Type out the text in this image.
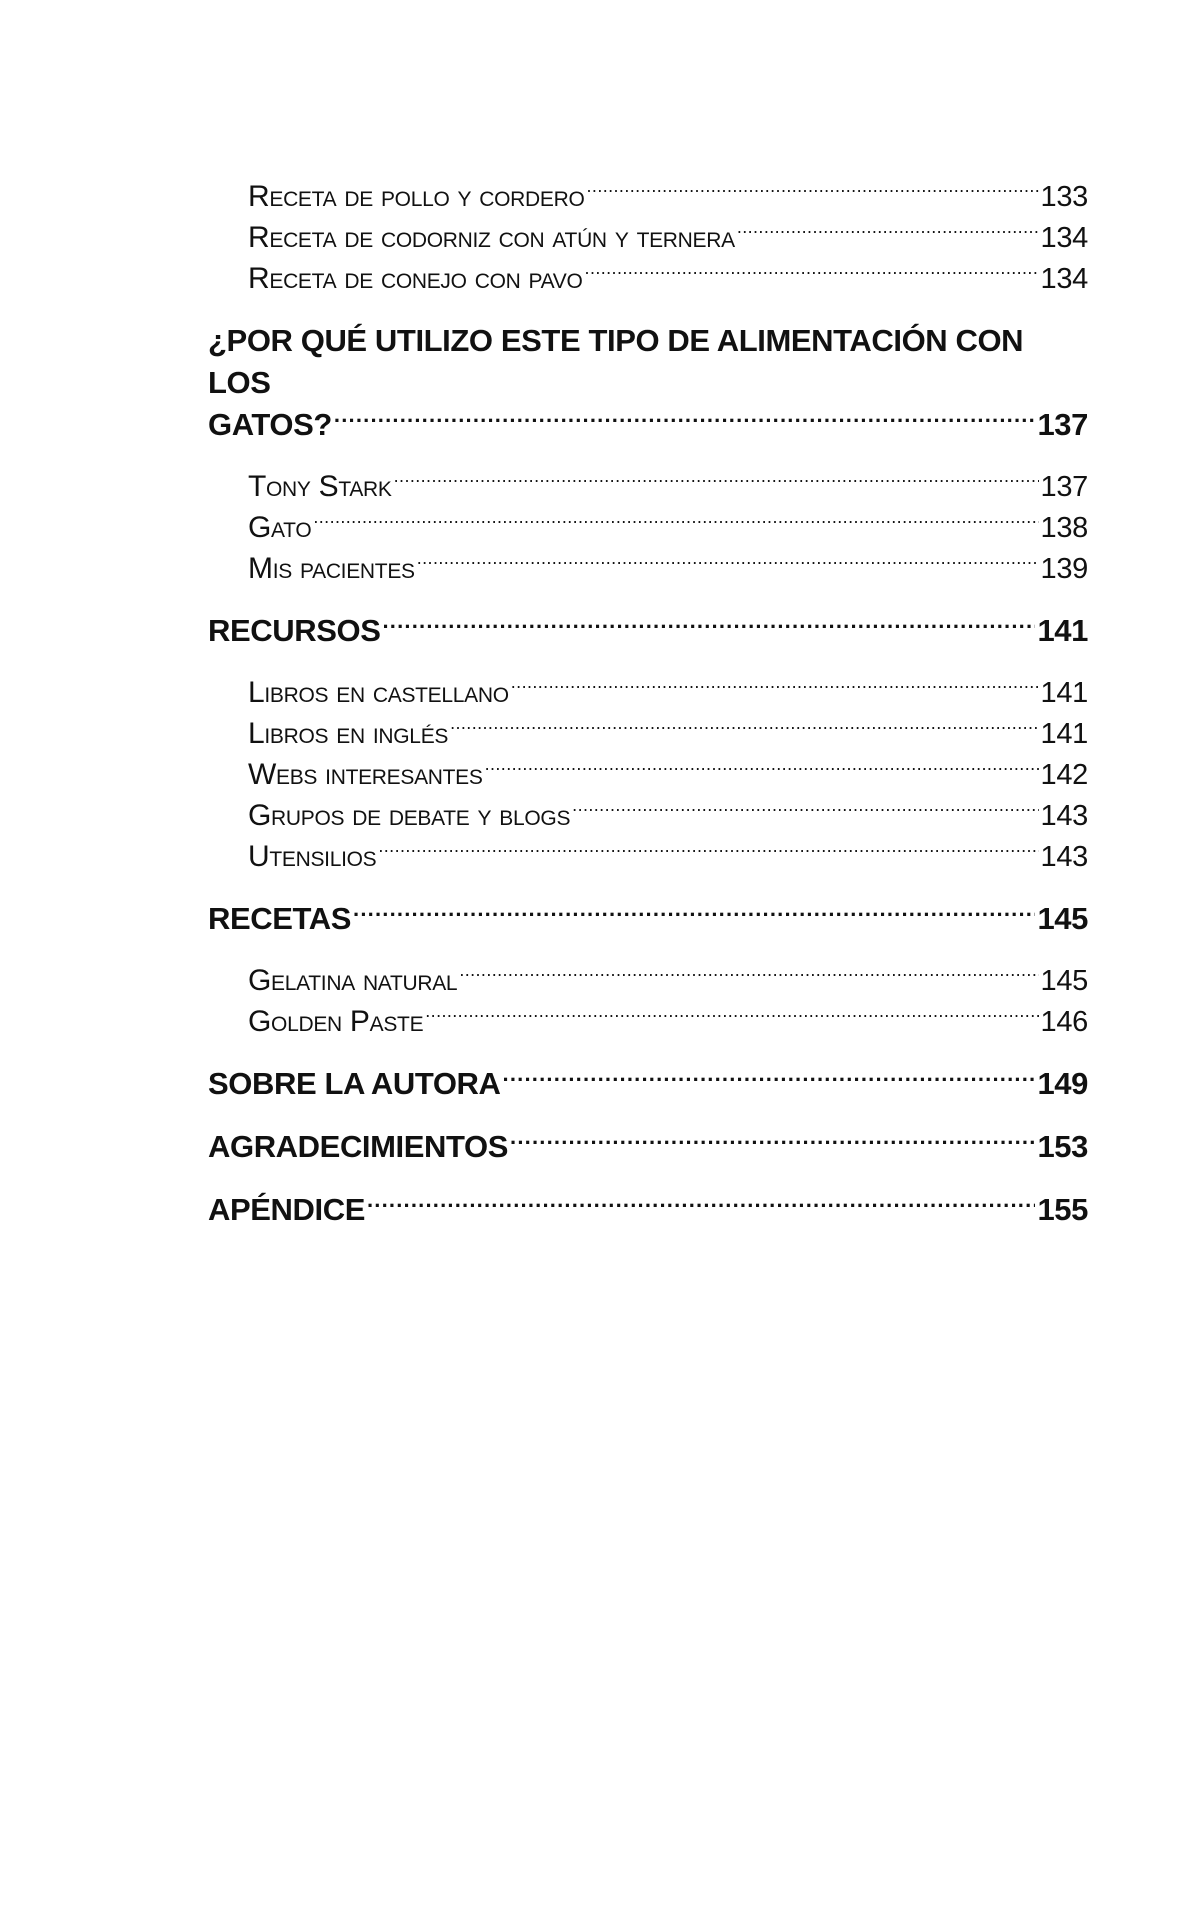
Receta de pollo y cordero .....	133
Receta de codorniz con atún y ternera .....	134
Receta de conejo con pavo .....	134
¿POR QUÉ UTILIZO ESTE TIPO DE ALIMENTACIÓN CON LOS
GATOS? .....	137
Tony Stark .....	137
Gato .....	138
Mis pacientes .....	139
RECURSOS .....	141
Libros en castellano .....	141
Libros en inglés .....	141
Webs interesantes .....	142
Grupos de debate y blogs .....	143
Utensilios .....	143
RECETAS .....	145
Gelatina natural .....	145
Golden Paste .....	146
SOBRE LA AUTORA .....	149
AGRADECIMIENTOS .....	153
APÉNDICE .....	155
